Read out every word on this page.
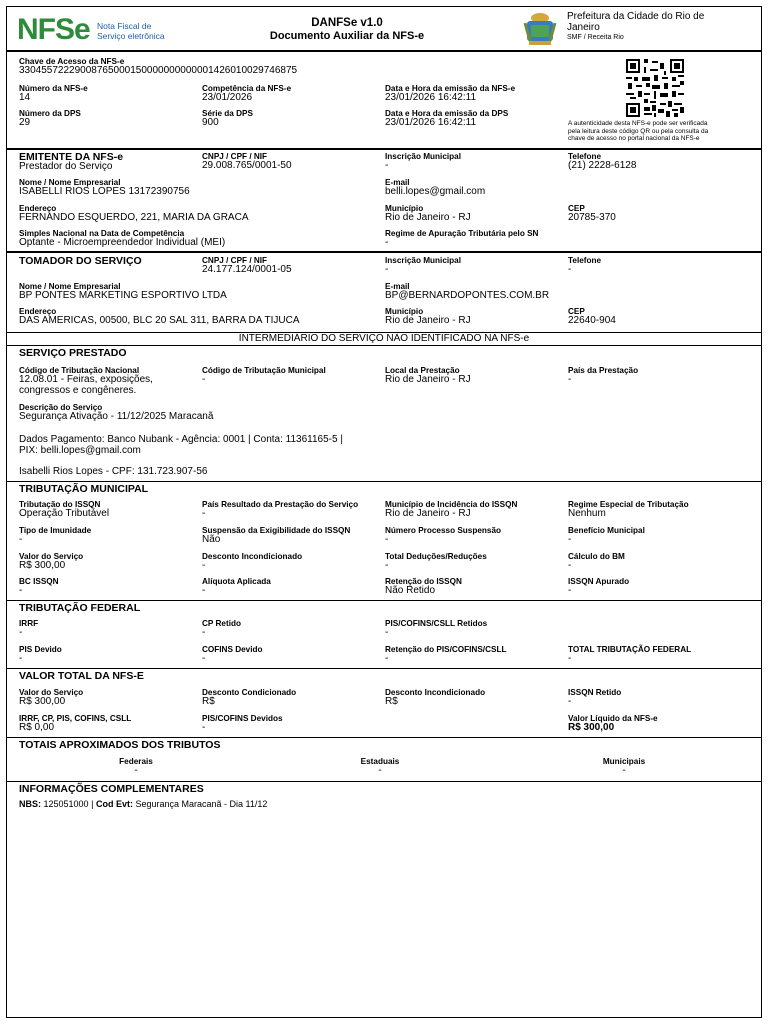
NFSe Nota Fiscal de
Serviço eletrônica
DANFSe v1.0
Documento Auxiliar da NFS-e
Prefeitura da Cidade do Rio de
Janeiro
SMF / Receita Rio
Chave de Acesso da NFS-e
33045572229008765000150000000000001426010029746875
Número da NFS-e
14
Competência da NFS-e
23/01/2026
Data e Hora da emissão da NFS-e
23/01/2026 16:42:11
Número da DPS
29
Série da DPS
900
Data e Hora da emissão da DPS
23/01/2026 16:42:11	A autenticidade desta NFS-e pode ser verificada
pela leitura deste código QR ou pela consulta da
chave de acesso no portal nacional da NFS-e
EMITENTE DA NFS-e
Prestador do Serviço
CNPJ / CPF / NIF
29.008.765/0001-50
Inscrição Municipal
-
Telefone
(21) 2228-6128
Nome / Nome Empresarial
ISABELLI RIOS LOPES 13172390756
E-mail
belli.lopes@gmail.com
Endereço
FERNANDO ESQUERDO, 221, MARIA DA GRACA
Município
Rio de Janeiro - RJ
CEP
20785-370
Simples Nacional na Data de Competência
Optante - Microempreendedor Individual (MEI)
Regime de Apuração Tributária pelo SN
-
TOMADOR DO SERVIÇO	CNPJ / CPF / NIF
24.177.124/0001-05
Inscrição Municipal
-
Telefone
-
Nome / Nome Empresarial
BP PONTES MARKETING ESPORTIVO LTDA
E-mail
BP@BERNARDOPONTES.COM.BR
Endereço
DAS AMERICAS, 00500, BLC 20 SAL 311, BARRA DA TIJUCA
Município
Rio de Janeiro - RJ
CEP
22640-904
INTERMEDIÁRIO DO SERVIÇO NÃO IDENTIFICADO NA NFS-e
SERVIÇO PRESTADO
Código de Tributação Nacional
12.08.01 - Feiras, exposições,
congressos e congêneres.
Código de Tributação Municipal
-
Local da Prestação
Rio de Janeiro - RJ
País da Prestação
-
Descrição do Serviço
Segurança Ativação - 11/12/2025 Maracanã
Dados Pagamento: Banco Nubank - Agência: 0001 | Conta: 11361165-5 |
PIX: belli.lopes@gmail.com
Isabelli Rios Lopes - CPF: 131.723.907-56
TRIBUTAÇÃO MUNICIPAL
Tributação do ISSQN
Operação Tributável
País Resultado da Prestação do Serviço
-
Município de Incidência do ISSQN
Rio de Janeiro - RJ
Regime Especial de Tributação
Nenhum
Tipo de Imunidade
-
Suspensão da Exigibilidade do ISSQN
Não
Número Processo Suspensão
-
Benefício Municipal
-
Valor do Serviço
R$ 300,00
Desconto Incondicionado
-
Total Deduções/Reduções
-
Cálculo do BM
-
BC ISSQN
-
Alíquota Aplicada
-
Retenção do ISSQN
Não Retido
ISSQN Apurado
-
TRIBUTAÇÃO FEDERAL
IRRF
-
CP Retido
-
PIS/COFINS/CSLL Retidos
-
PIS Devido
-
COFINS Devido
-
Retenção do PIS/COFINS/CSLL
-
TOTAL TRIBUTAÇÃO FEDERAL
-
VALOR TOTAL DA NFS-E
Valor do Serviço
R$ 300,00
Desconto Condicionado
R$
Desconto Incondicionado
R$
ISSQN Retido
-
IRRF, CP, PIS, COFINS, CSLL
R$ 0,00
PIS/COFINS Devidos
-
Valor Líquido da NFS-e
R$ 300,00
TOTAIS APROXIMADOS DOS TRIBUTOS
Federais
-
Estaduais
-
Municipais
-
INFORMAÇÕES COMPLEMENTARES
NBS: 125051000 | Cod Evt: Segurança Maracanã - Dia 11/12
